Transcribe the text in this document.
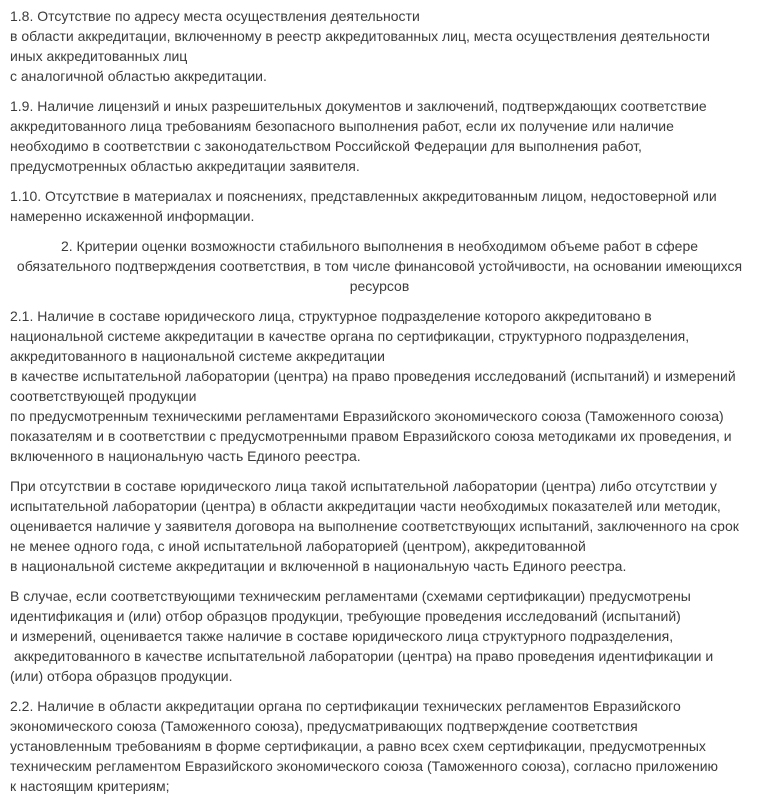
1.8. Отсутствие по адресу места осуществления деятельности
в области аккредитации, включенному в реестр аккредитованных лиц, места осуществления деятельности
иных аккредитованных лиц
с аналогичной областью аккредитации.

1.9. Наличие лицензий и иных разрешительных документов и заключений, подтверждающих соответствие
аккредитованного лица требованиям безопасного выполнения работ, если их получение или наличие
необходимо в соответствии с законодательством Российской Федерации для выполнения работ,
предусмотренных областью аккредитации заявителя.

1.10. Отсутствие в материалах и пояснениях, представленных аккредитованным лицом, недостоверной или
намеренно искаженной информации.

2. Критерии оценки возможности стабильного выполнения в необходимом объеме работ в сфере
обязательного подтверждения соответствия, в том числе финансовой устойчивости, на основании имеющихся
ресурсов

2.1. Наличие в составе юридического лица, структурное подразделение которого аккредитовано в
национальной системе аккредитации в качестве органа по сертификации, структурного подразделения,
аккредитованного в национальной системе аккредитации
в качестве испытательной лаборатории (центра) на право проведения исследований (испытаний) и измерений
соответствующей продукции
по предусмотренным техническими регламентами Евразийского экономического союза (Таможенного союза)
показателям и в соответствии с предусмотренными правом Евразийского союза методиками их проведения, и
включенного в национальную часть Единого реестра.

При отсутствии в составе юридического лица такой испытательной лаборатории (центра) либо отсутствии у
испытательной лаборатории (центра) в области аккредитации части необходимых показателей или методик,
оценивается наличие у заявителя договора на выполнение соответствующих испытаний, заключенного на срок
не менее одного года, с иной испытательной лабораторией (центром), аккредитованной
в национальной системе аккредитации и включенной в национальную часть Единого реестра.

В случае, если соответствующими техническим регламентами (схемами сертификации) предусмотрены
идентификация и (или) отбор образцов продукции, требующие проведения исследований (испытаний)
и измерений, оценивается также наличие в составе юридического лица структурного подразделения,
аккредитованного в качестве испытательной лаборатории (центра) на право проведения идентификации и
(или) отбора образцов продукции.

2.2. Наличие в области аккредитации органа по сертификации технических регламентов Евразийского
экономического союза (Таможенного союза), предусматривающих подтверждение соответствия
установленным требованиям в форме сертификации, а равно всех схем сертификации, предусмотренных
техническим регламентом Евразийского экономического союза (Таможенного союза), согласно приложению
к настоящим критериям;
